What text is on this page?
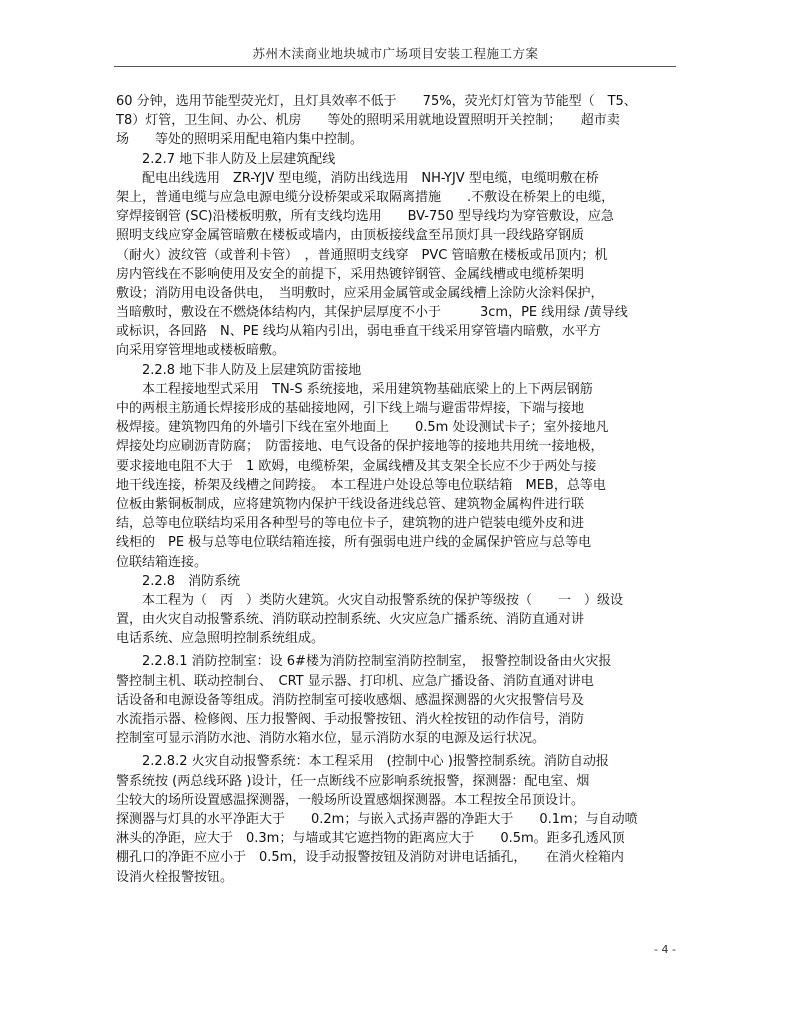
苏州木渎商业地块城市广场项目安装工程施工方案
60 分钟，选用节能型荧光灯，且灯具效率不低于　　75%，荧光灯灯管为节能型（　T5、
T8）灯管，卫生间、办公、机房　　等处的照明采用就地设置照明开关控制；　　超市卖
场　　等处的照明采用配电箱内集中控制。
　　2.2.7 地下非人防及上层建筑配线
　　配电出线选用　ZR-YJV 型电缆，消防出线选用　NH-YJV 型电缆，电缆明敷在桥
架上，普通电缆与应急电源电缆分设桥架或采取隔离措施　　.不敷设在桥架上的电缆，
穿焊接钢管 (SC)沿楼板明敷，所有支线均选用　　BV-750 型导线均为穿管敷设，应急
照明支线应穿金属管暗敷在楼板或墙内，由顶板接线盒至吊顶灯具一段线路穿钢质
（耐火）波纹管（或普利卡管）　，普通照明支线穿　PVC 管暗敷在楼板或吊顶内；机
房内管线在不影响使用及安全的前提下，采用热镀锌钢管、金属线槽或电缆桥架明
敷设；消防用电设备供电，　当明敷时，应采用金属管或金属线槽上涂防火涂料保护，
当暗敷时，敷设在不燃烧体结构内，其保护层厚度不小于　　　3cm，PE 线用绿 /黄导线
或标识，各回路　N、PE 线均从箱内引出，弱电垂直干线采用穿管墙内暗敷，水平方
向采用穿管埋地或楼板暗敷。
　　2.2.8 地下非人防及上层建筑防雷接地
　　本工程接地型式采用　TN-S 系统接地，采用建筑物基础底梁上的上下两层钢筋
中的两根主筋通长焊接形成的基础接地网，引下线上端与避雷带焊接，下端与接地
极焊接。建筑物四角的外墙引下线在室外地面上　　0.5m 处设测试卡子；室外接地凡
焊接处均应刷沥青防腐；　防雷接地、电气设备的保护接地等的接地共用统一接地极，
要求接地电阻不大于　1 欧姆，电缆桥架，金属线槽及其支架全长应不少于两处与接
地干线连接，桥架及线槽之间跨接。　本工程进户处设总等电位联结箱　MEB，总等电
位板由紫铜板制成，应将建筑物内保护干线设备进线总管、建筑物金属构件进行联
结，总等电位联结均采用各种型号的等电位卡子，建筑物的进户铠装电缆外皮和进
线柜的　PE 极与总等电位联结箱连接，所有强弱电进户线的金属保护管应与总等电
位联结箱连接。
　　2.2.8　消防系统
　　本工程为（　丙　）类防火建筑。火灾自动报警系统的保护等级按（　　一　）级设
置，由火灾自动报警系统、消防联动控制系统、火灾应急广播系统、消防直通对讲
电话系统、应急照明控制系统组成。
　　2.2.8.1 消防控制室：设 6#楼为消防控制室消防控制室，　报警控制设备由火灾报
警控制主机、联动控制台、　CRT 显示器、打印机、应急广播设备、消防直通对讲电
话设备和电源设备等组成。消防控制室可接收感烟、感温探测器的火灾报警信号及
水流指示器、检修阀、压力报警阀、手动报警按钮、消火栓按钮的动作信号，消防
控制室可显示消防水池、消防水箱水位，显示消防水泵的电源及运行状况。
　　2.2.8.2 火灾自动报警系统：本工程采用　(控制中心 )报警控制系统。消防自动报
警系统按 (两总线环路 )设计，任一点断线不应影响系统报警，探测器：配电室、烟
尘较大的场所设置感温探测器，一般场所设置感烟探测器。本工程按全吊顶设计。
探测器与灯具的水平净距大于　　0.2m；与嵌入式扬声器的净距大于　　0.1m；与自动喷
淋头的净距，应大于　0.3m；与墙或其它遮挡物的距离应大于　　0.5m。距多孔透风顶
棚孔口的净距不应小于　0.5m，设手动报警按钮及消防对讲电话插孔，　　在消火栓箱内
设消火栓报警按钮。
- 4 -
